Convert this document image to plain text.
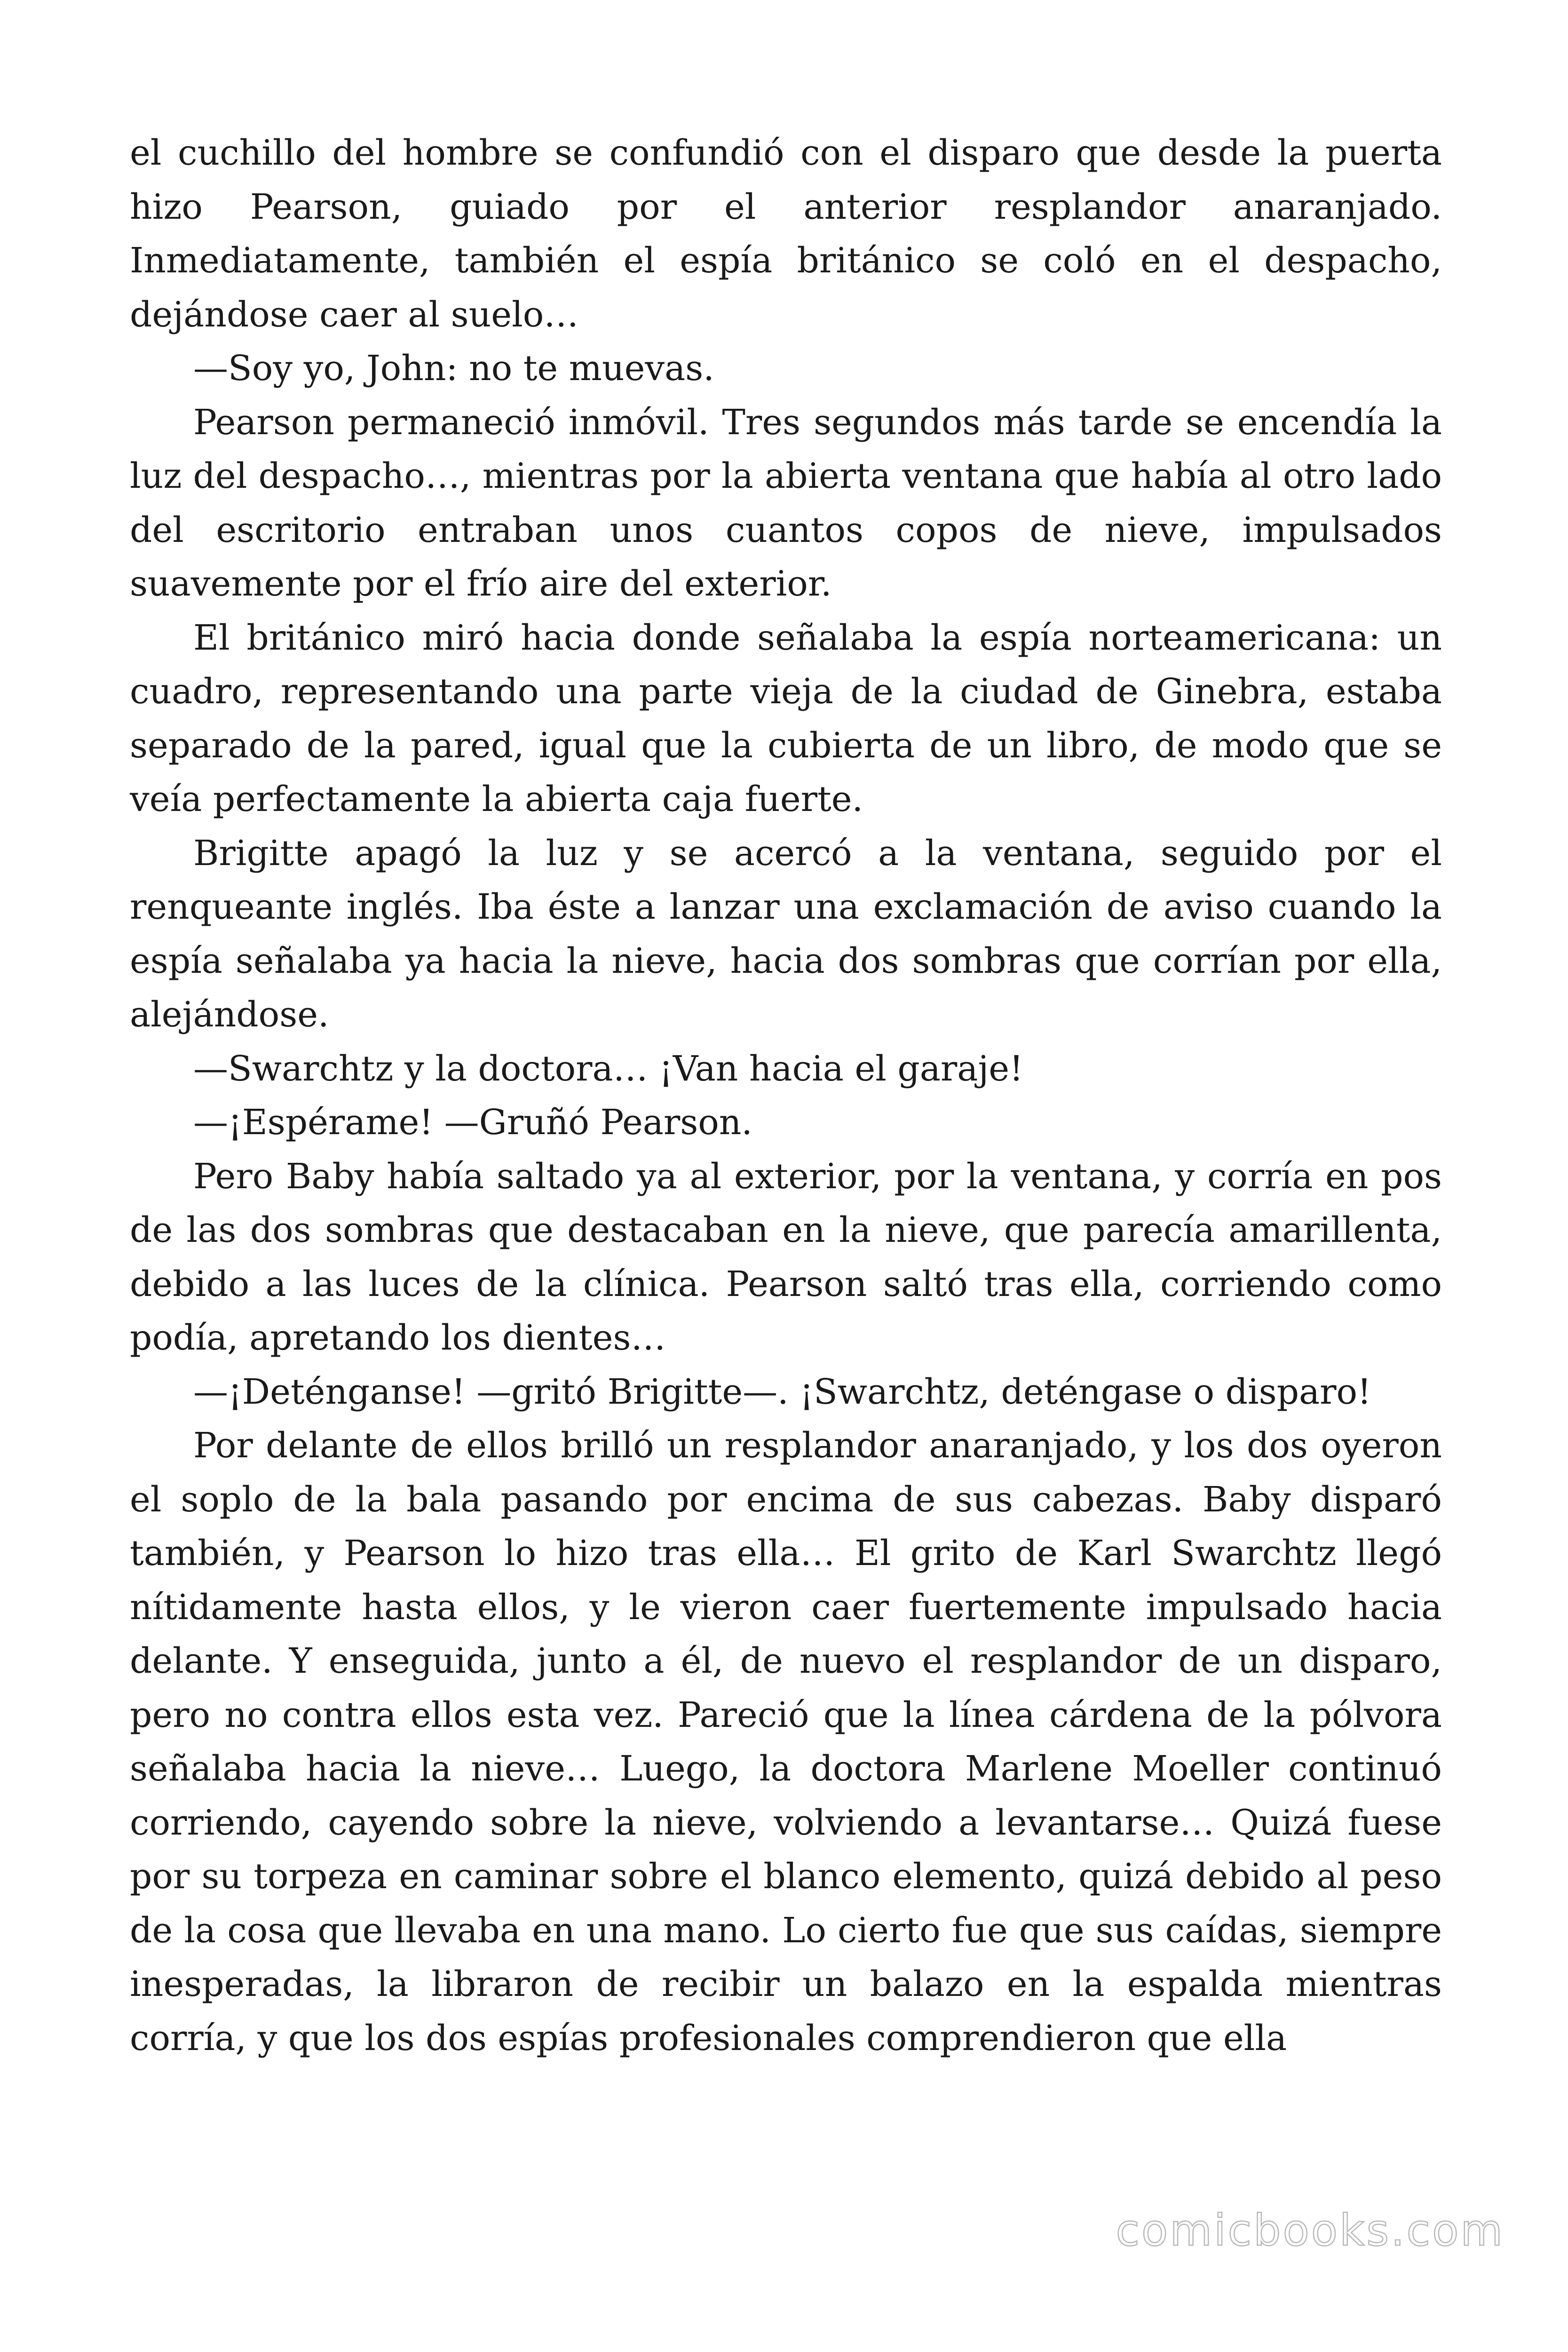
el cuchillo del hombre se confundió con el disparo que desde la puerta hizo Pearson, guiado por el anterior resplandor anaranjado. Inmediatamente, también el espía británico se coló en el despacho, dejándose caer al suelo…

—Soy yo, John: no te muevas.

Pearson permaneció inmóvil. Tres segundos más tarde se encendía la luz del despacho…, mientras por la abierta ventana que había al otro lado del escritorio entraban unos cuantos copos de nieve, impulsados suavemente por el frío aire del exterior.

El británico miró hacia donde señalaba la espía norteamericana: un cuadro, representando una parte vieja de la ciudad de Ginebra, estaba separado de la pared, igual que la cubierta de un libro, de modo que se veía perfectamente la abierta caja fuerte.

Brigitte apagó la luz y se acercó a la ventana, seguido por el renqueante inglés. Iba éste a lanzar una exclamación de aviso cuando la espía señalaba ya hacia la nieve, hacia dos sombras que corrían por ella, alejándose.

—Swarchtz y la doctora… ¡Van hacia el garaje!

—¡Espérame! —Gruñó Pearson.

Pero Baby había saltado ya al exterior, por la ventana, y corría en pos de las dos sombras que destacaban en la nieve, que parecía amarillenta, debido a las luces de la clínica. Pearson saltó tras ella, corriendo como podía, apretando los dientes…

—¡Deténganse! —gritó Brigitte—. ¡Swarchtz, deténgase o disparo!

Por delante de ellos brilló un resplandor anaranjado, y los dos oyeron el soplo de la bala pasando por encima de sus cabezas. Baby disparó también, y Pearson lo hizo tras ella… El grito de Karl Swarchtz llegó nítidamente hasta ellos, y le vieron caer fuertemente impulsado hacia delante. Y enseguida, junto a él, de nuevo el resplandor de un disparo, pero no contra ellos esta vez. Pareció que la línea cárdena de la pólvora señalaba hacia la nieve… Luego, la doctora Marlene Moeller continuó corriendo, cayendo sobre la nieve, volviendo a levantarse… Quizá fuese por su torpeza en caminar sobre el blanco elemento, quizá debido al peso de la cosa que llevaba en una mano. Lo cierto fue que sus caídas, siempre inesperadas, la libraron de recibir un balazo en la espalda mientras corría, y que los dos espías profesionales comprendieron que ella

comicbooks.com
